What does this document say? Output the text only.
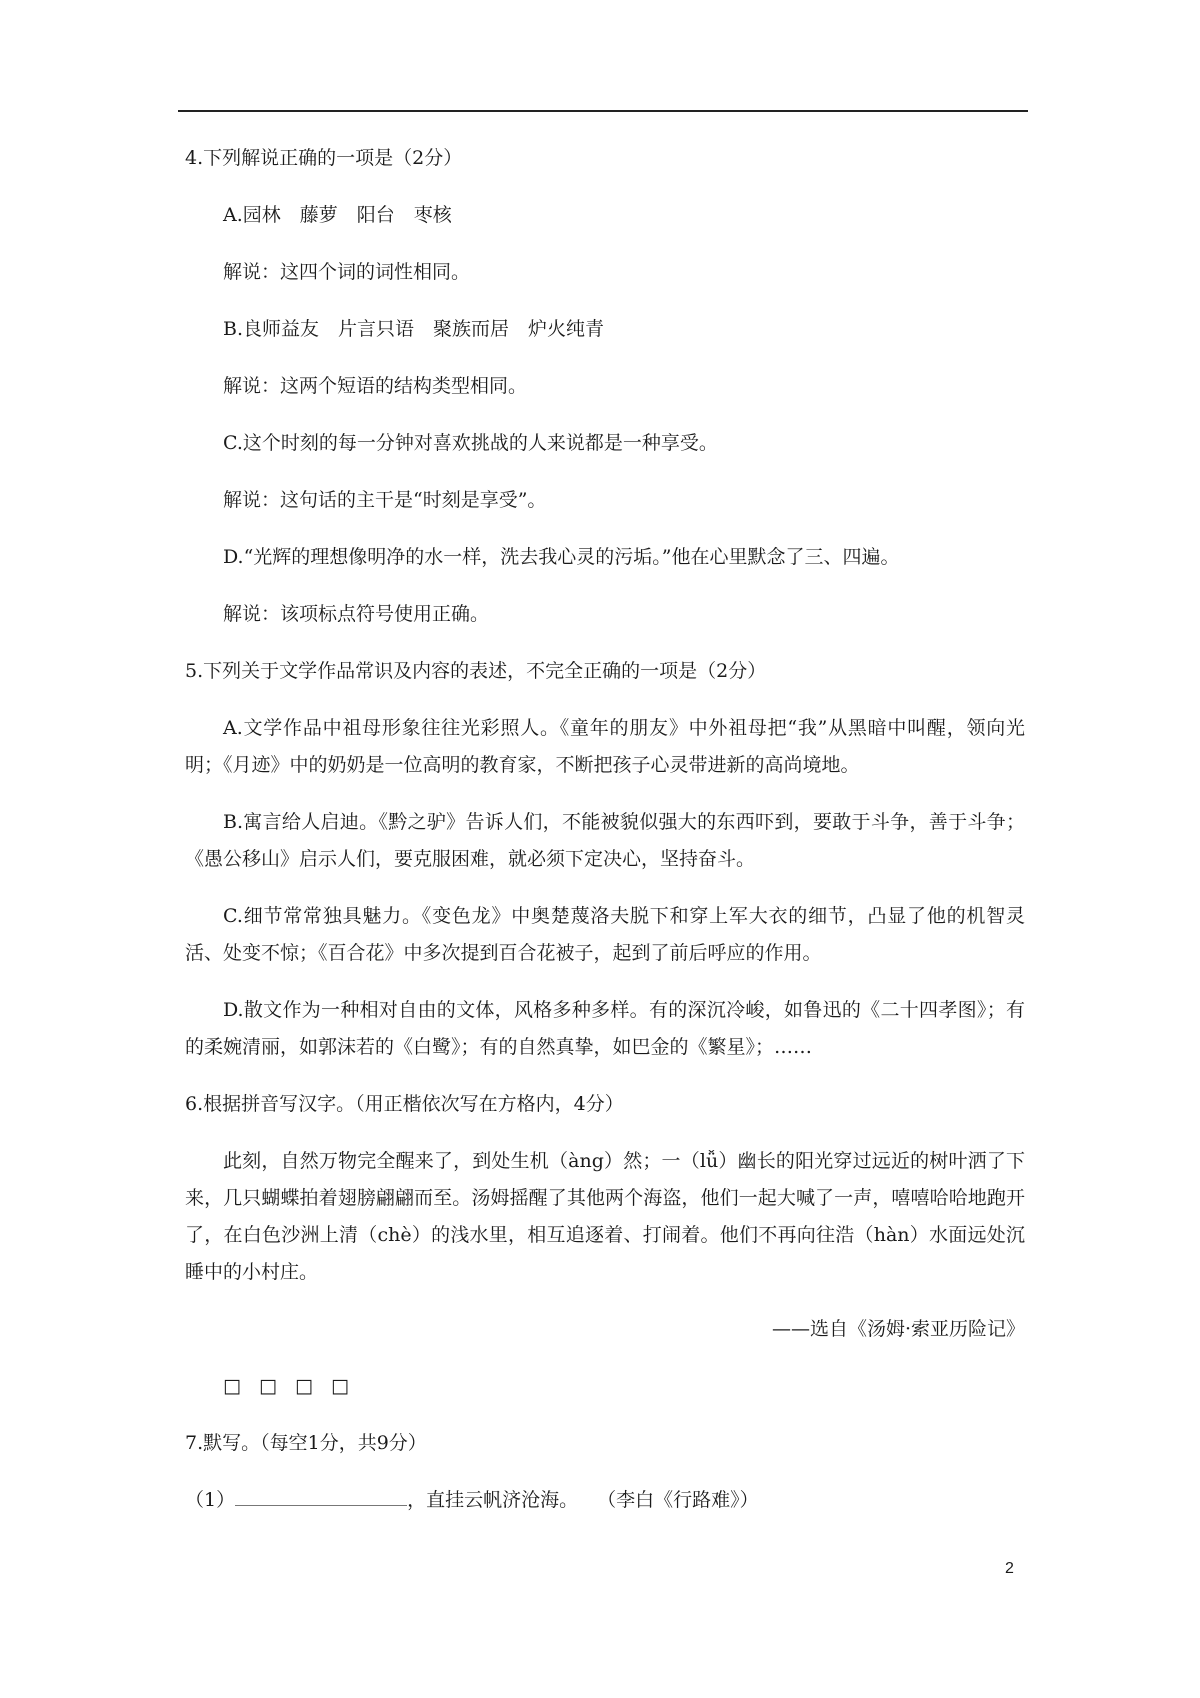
4.下列解说正确的一项是（2分）
A.园林　藤萝　阳台　枣核
解说：这四个词的词性相同。
B.良师益友　片言只语　聚族而居　炉火纯青
解说：这两个短语的结构类型相同。
C.这个时刻的每一分钟对喜欢挑战的人来说都是一种享受。
解说：这句话的主干是“时刻是享受”。
D.“光辉的理想像明净的水一样，洗去我心灵的污垢。”他在心里默念了三、四遍。
解说：该项标点符号使用正确。
5.下列关于文学作品常识及内容的表述，不完全正确的一项是（2分）
A.文学作品中祖母形象往往光彩照人。《童年的朋友》中外祖母把“我”从黑暗中叫醒，领向光明；《月迹》中的奶奶是一位高明的教育家，不断把孩子心灵带进新的高尚境地。
B.寓言给人启迪。《黔之驴》告诉人们，不能被貌似强大的东西吓到，要敢于斗争，善于斗争；《愚公移山》启示人们，要克服困难，就必须下定决心，坚持奋斗。
C.细节常常独具魅力。《变色龙》中奥楚蔑洛夫脱下和穿上军大衣的细节，凸显了他的机智灵活、处变不惊；《百合花》中多次提到百合花被子，起到了前后呼应的作用。
D.散文作为一种相对自由的文体，风格多种多样。有的深沉冷峻，如鲁迅的《二十四孝图》；有的柔婉清丽，如郭沫若的《白鹭》；有的自然真挚，如巴金的《繁星》；……
6.根据拼音写汉字。（用正楷依次写在方格内，4分）
此刻，自然万物完全醒来了，到处生机（àng）然；一（lǚ）幽长的阳光穿过远近的树叶洒了下来，几只蝴蝶拍着翅膀翩翩而至。汤姆摇醒了其他两个海盗，他们一起大喊了一声，嘻嘻哈哈地跑开了，在白色沙洲上清（chè）的浅水里，相互追逐着、打闹着。他们不再向往浩（hàn）水面远处沉睡中的小村庄。
——选自《汤姆·索亚历险记》
□ □ □ □
7.默写。（每空1分，共9分）
（1）	，直挂云帆济沧海。　　（李白《行路难》）
2
